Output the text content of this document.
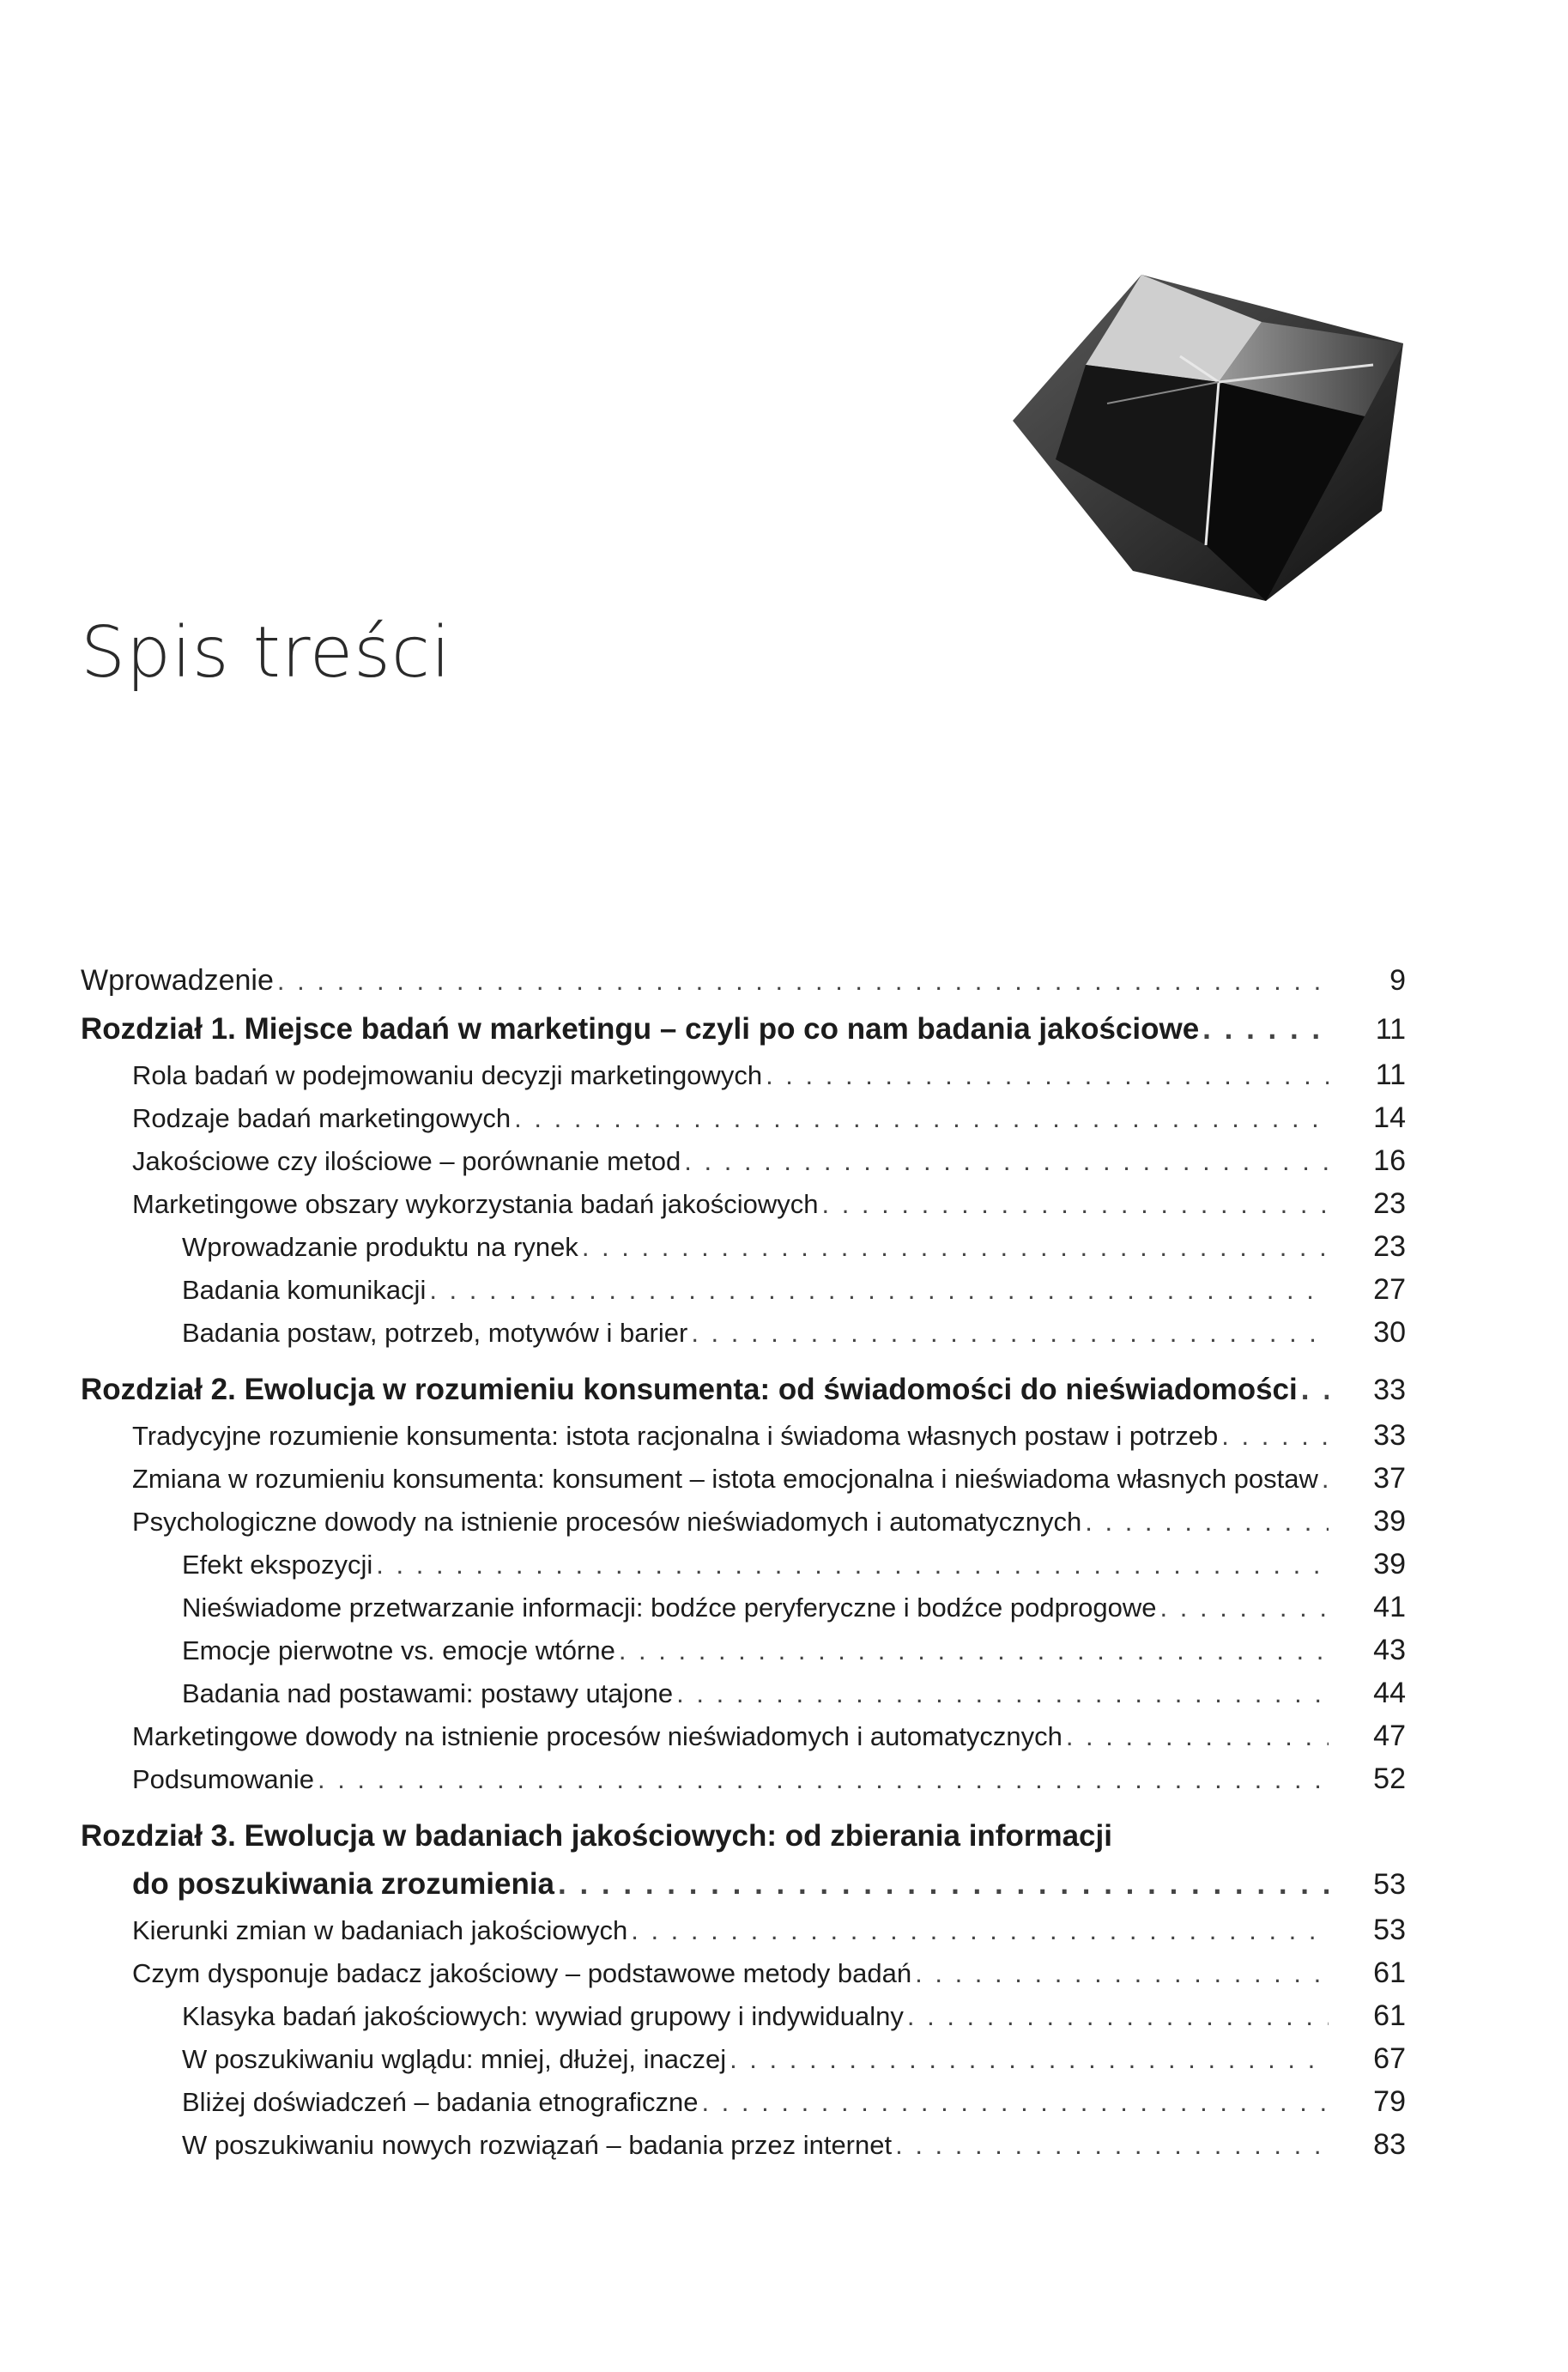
Spis treści
Wprowadzenie . . .	9
Rozdział 1. Miejsce badań w marketingu – czyli po co nam badania jakościowe . . .	11
Rola badań w podejmowaniu decyzji marketingowych . . .	11
Rodzaje badań marketingowych . . .	14
Jakościowe czy ilościowe – porównanie metod . . .	16
Marketingowe obszary wykorzystania badań jakościowych . . .	23
Wprowadzanie produktu na rynek . . .	23
Badania komunikacji . . .	27
Badania postaw, potrzeb, motywów i barier . . .	30
Rozdział 2. Ewolucja w rozumieniu konsumenta: od świadomości do nieświadomości . . .	33
Tradycyjne rozumienie konsumenta: istota racjonalna i świadoma własnych postaw i potrzeb . . .	33
Zmiana w rozumieniu konsumenta: konsument – istota emocjonalna i nieświadoma własnych postaw . . .	37
Psychologiczne dowody na istnienie procesów nieświadomych i automatycznych . . .	39
Efekt ekspozycji . . .	39
Nieświadome przetwarzanie informacji: bodźce peryferyczne i bodźce podprogowe . . .	41
Emocje pierwotne vs. emocje wtórne . . .	43
Badania nad postawami: postawy utajone . . .	44
Marketingowe dowody na istnienie procesów nieświadomych i automatycznych . . .	47
Podsumowanie . . .	52
Rozdział 3. Ewolucja w badaniach jakościowych: od zbierania informacji
do poszukiwania zrozumienia . . .	53
Kierunki zmian w badaniach jakościowych . . .	53
Czym dysponuje badacz jakościowy – podstawowe metody badań . . .	61
Klasyka badań jakościowych: wywiad grupowy i indywidualny . . .	61
W poszukiwaniu wglądu: mniej, dłużej, inaczej . . .	67
Bliżej doświadczeń – badania etnograficzne . . .	79
W poszukiwaniu nowych rozwiązań – badania przez internet . . .	83
